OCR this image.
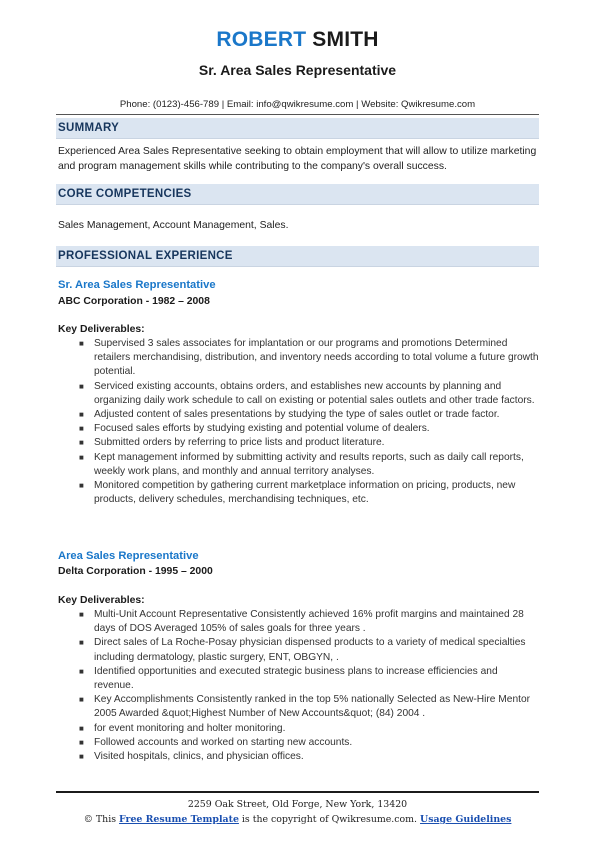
ROBERT SMITH
Sr. Area Sales Representative
Phone: (0123)-456-789 | Email: info@qwikresume.com | Website: Qwikresume.com
SUMMARY
Experienced Area Sales Representative seeking to obtain employment that will allow to utilize marketing and program management skills while contributing to the company's overall success.
CORE COMPETENCIES
Sales Management, Account Management, Sales.
PROFESSIONAL EXPERIENCE
Sr. Area Sales Representative
ABC Corporation - 1982 – 2008
Key Deliverables:
■ Supervised 3 sales associates for implantation or our programs and promotions Determined retailers merchandising, distribution, and inventory needs according to total volume a future growth potential.
■ Serviced existing accounts, obtains orders, and establishes new accounts by planning and organizing daily work schedule to call on existing or potential sales outlets and other trade factors.
■ Adjusted content of sales presentations by studying the type of sales outlet or trade factor.
■ Focused sales efforts by studying existing and potential volume of dealers.
■ Submitted orders by referring to price lists and product literature.
■ Kept management informed by submitting activity and results reports, such as daily call reports, weekly work plans, and monthly and annual territory analyses.
■ Monitored competition by gathering current marketplace information on pricing, products, new products, delivery schedules, merchandising techniques, etc.
Area Sales Representative
Delta Corporation - 1995 – 2000
Key Deliverables:
■ Multi-Unit Account Representative Consistently achieved 16% profit margins and maintained 28 days of DOS Averaged 105% of sales goals for three years .
■ Direct sales of La Roche-Posay physician dispensed products to a variety of medical specialties including dermatology, plastic surgery, ENT, OBGYN, .
■ Identified opportunities and executed strategic business plans to increase efficiencies and revenue.
■ Key Accomplishments Consistently ranked in the top 5% nationally Selected as New-Hire Mentor 2005 Awarded &quot;Highest Number of New Accounts&quot; (84) 2004 .
■ for event monitoring and holter monitoring.
■ Followed accounts and worked on starting new accounts.
■ Visited hospitals, clinics, and physician offices.
2259 Oak Street, Old Forge, New York, 13420
© This Free Resume Template is the copyright of Qwikresume.com. Usage Guidelines
